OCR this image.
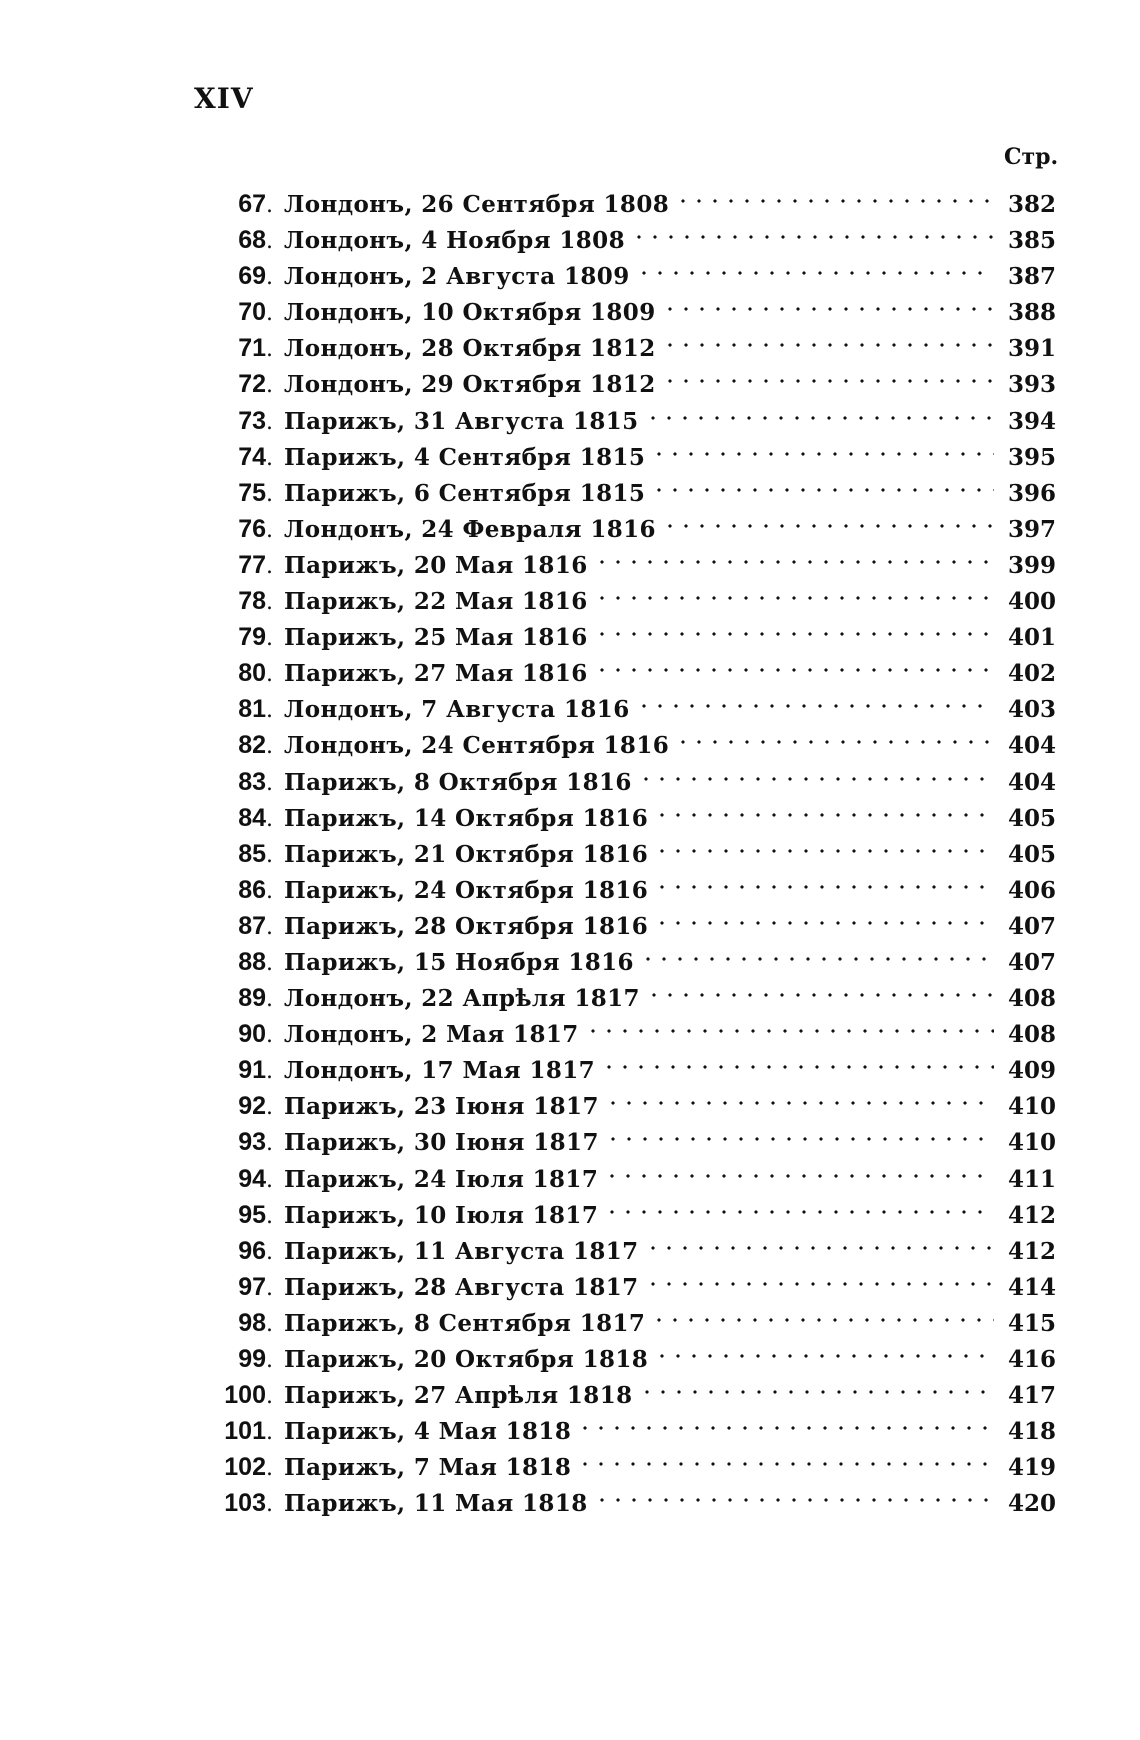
XIV
Стр.
67 . Лондонъ, 26 Сентября 1808	382
68 . Лондонъ, 4 Ноября 1808	385
69 . Лондонъ, 2 Августа 1809	387
70 . Лондонъ, 10 Октября 1809	388
71 . Лондонъ, 28 Октября 1812	391
72 . Лондонъ, 29 Октября 1812	393
73 . Парижъ, 31 Августа 1815	394
74 . Парижъ, 4 Сентября 1815	395
75 . Парижъ, 6 Сентября 1815	396
76 . Лондонъ, 24 Февраля 1816	397
77 . Парижъ, 20 Мая 1816	399
78 . Парижъ, 22 Мая 1816	400
79 . Парижъ, 25 Мая 1816	401
80 . Парижъ, 27 Мая 1816	402
81 . Лондонъ, 7 Августа 1816	403
82 . Лондонъ, 24 Сентября 1816	404
83 . Парижъ, 8 Октября 1816	404
84 . Парижъ, 14 Октября 1816	405
85 . Парижъ, 21 Октября 1816	405
86 . Парижъ, 24 Октября 1816	406
87 . Парижъ, 28 Октября 1816	407
88 . Парижъ, 15 Ноября 1816	407
89 . Лондонъ, 22 Апрѣля 1817	408
90 . Лондонъ, 2 Мая 1817	408
91 . Лондонъ, 17 Мая 1817	409
92 . Парижъ, 23 Іюня 1817	410
93 . Парижъ, 30 Іюня 1817	410
94 . Парижъ, 24 Іюля 1817	411
95 . Парижъ, 10 Іюля 1817	412
96 . Парижъ, 11 Августа 1817	412
97 . Парижъ, 28 Августа 1817	414
98 . Парижъ, 8 Сентября 1817	415
99 . Парижъ, 20 Октября 1818	416
100 . Парижъ, 27 Апрѣля 1818	417
101 . Парижъ, 4 Мая 1818	418
102 . Парижъ, 7 Мая 1818	419
103 . Парижъ, 11 Мая 1818	420
